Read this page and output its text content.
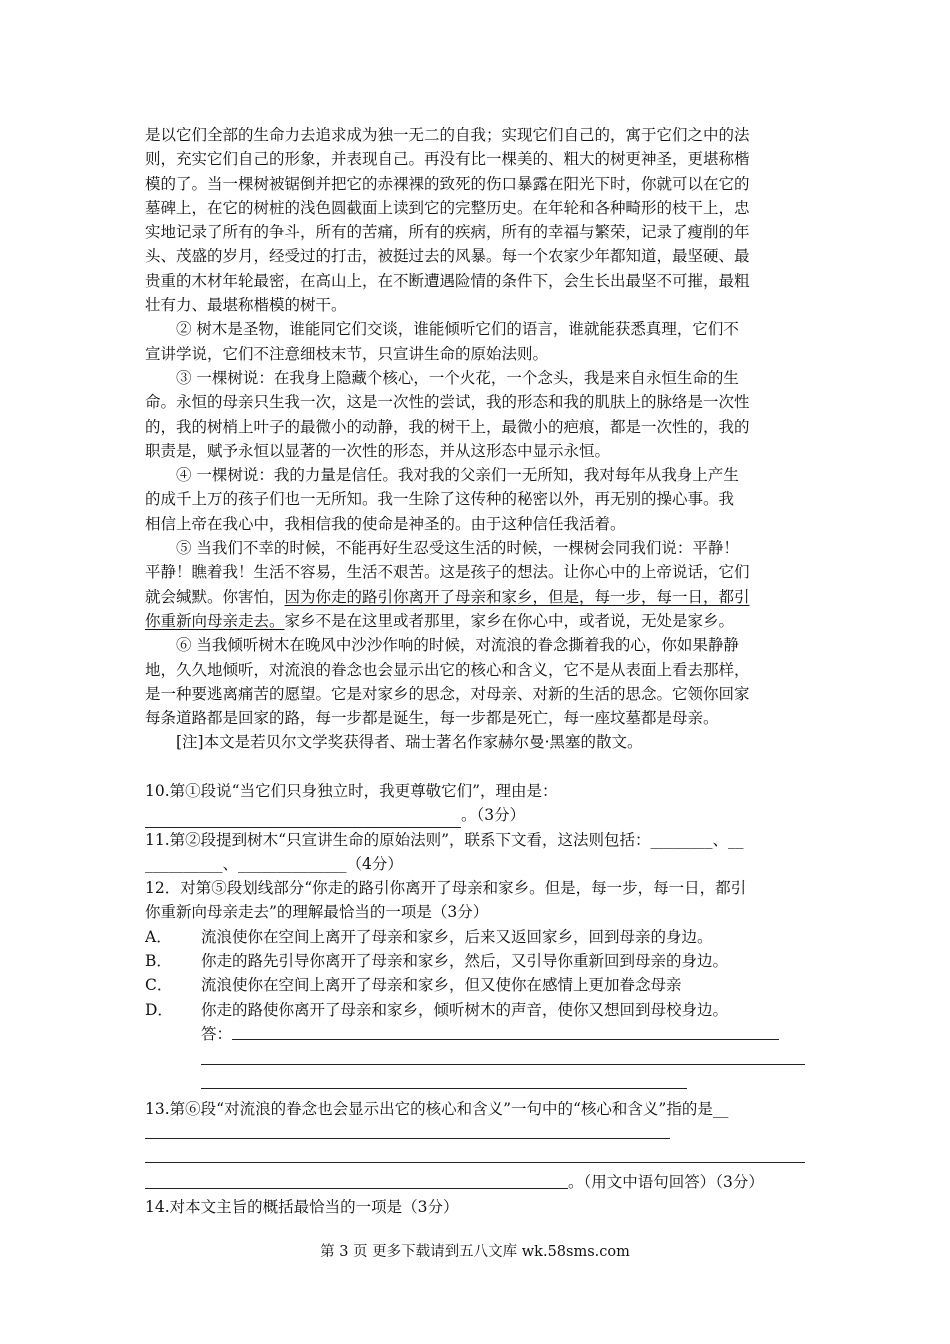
是以它们全部的生命力去追求成为独一无二的自我；实现它们自己的，寓于它们之中的法
则，充实它们自己的形象，并表现自己。再没有比一棵美的、粗大的树更神圣，更堪称楷
模的了。当一棵树被锯倒并把它的赤裸裸的致死的伤口暴露在阳光下时，你就可以在它的
墓碑上，在它的树桩的浅色圆截面上读到它的完整历史。在年轮和各种畸形的枝干上，忠
实地记录了所有的争斗，所有的苦痛，所有的疾病，所有的幸福与繁荣，记录了瘦削的年
头、茂盛的岁月，经受过的打击，被挺过去的风暴。每一个农家少年都知道，最坚硬、最
贵重的木材年轮最密，在高山上，在不断遭遇险情的条件下，会生长出最坚不可摧，最粗
壮有力、最堪称楷模的树干。
② 树木是圣物，谁能同它们交谈，谁能倾听它们的语言，谁就能获悉真理，它们不
宣讲学说，它们不注意细枝末节，只宣讲生命的原始法则。
③ 一棵树说：在我身上隐藏个核心，一个火花，一个念头，我是来自永恒生命的生
命。永恒的母亲只生我一次，这是一次性的尝试，我的形态和我的肌肤上的脉络是一次性
的，我的树梢上叶子的最微小的动静，我的树干上，最微小的疤痕，都是一次性的，我的
职责是，赋予永恒以显著的一次性的形态，并从这形态中显示永恒。
④ 一棵树说：我的力量是信任。我对我的父亲们一无所知，我对每年从我身上产生
的成千上万的孩子们也一无所知。我一生除了这传种的秘密以外，再无别的操心事。我
相信上帝在我心中，我相信我的使命是神圣的。由于这种信任我活着。
⑤ 当我们不幸的时候，不能再好生忍受这生活的时候，一棵树会同我们说：平静！
平静！瞧着我！生活不容易，生活不艰苦。这是孩子的想法。让你心中的上帝说话，它们
就会缄默。你害怕，因为你走的路引你离开了母亲和家乡，但是，每一步，每一日，都引
你重新向母亲走去。家乡不是在这里或者那里，家乡在你心中，或者说，无处是家乡。
⑥ 当我倾听树木在晚风中沙沙作响的时候，对流浪的眷念撕着我的心，你如果静静
地，久久地倾听，对流浪的眷念也会显示出它的核心和含义，它不是从表面上看去那样，
是一种要逃离痛苦的愿望。它是对家乡的思念，对母亲、对新的生活的思念。它领你回家
每条道路都是回家的路，每一步都是诞生，每一步都是死亡，每一座坟墓都是母亲。
[注]本文是若贝尔文学奖获得者、瑞士著名作家赫尔曼·黑塞的散文。
10.第①段说“当它们只身独立时，我更尊敬它们”，理由是：
。（3分）
11.第②段提到树木“只宣讲生命的原始法则”，联系下文看，这法则包括：________、__
__________、______________（4分）
12．对第⑤段划线部分“你走的路引你离开了母亲和家乡。但是，每一步，每一日，都引
你重新向母亲走去”的理解最恰当的一项是（3分）
A．	流浪使你在空间上离开了母亲和家乡，后来又返回家乡，回到母亲的身边。
B．	你走的路先引导你离开了母亲和家乡，然后，又引导你重新回到母亲的身边。
C．	流浪使你在空间上离开了母亲和家乡，但又使你在感情上更加眷念母亲
D．	你走的路使你离开了母亲和家乡，倾听树木的声音，使你又想回到母校身边。
答：
13.第⑥段“对流浪的眷念也会显示出它的核心和含义”一句中的“核心和含义”指的是__
。（用文中语句回答）（3分）
14.对本文主旨的概括最恰当的一项是（3分）
第 3 页 更多下载请到五八文库 wk.58sms.com
